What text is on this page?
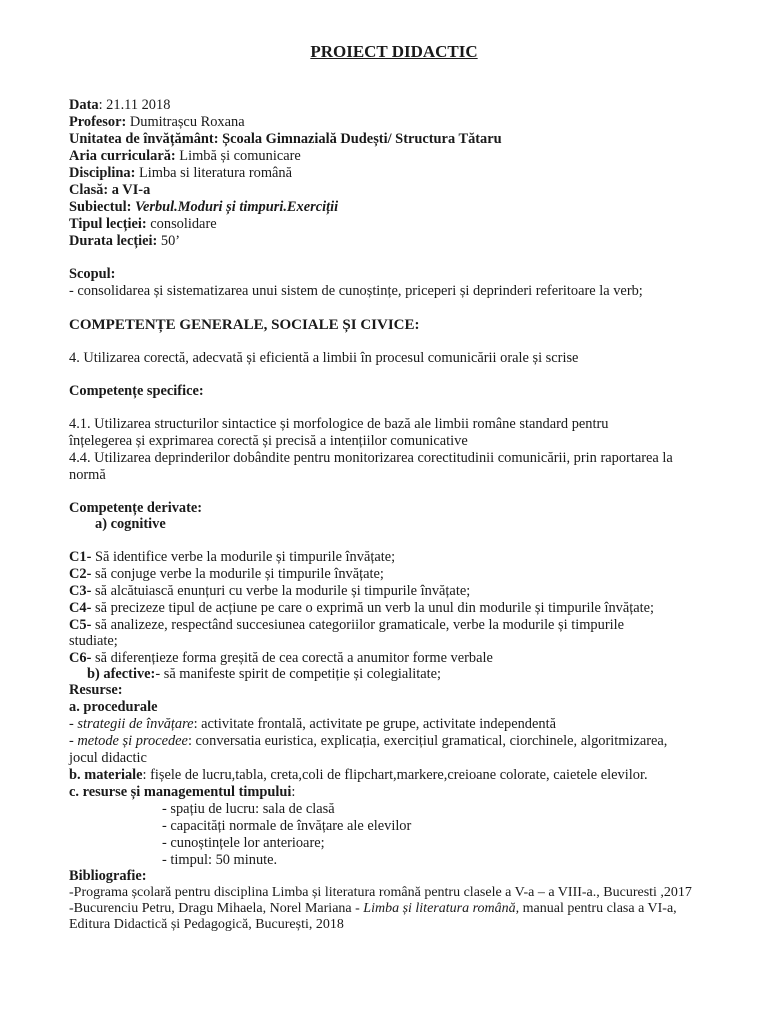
PROIECT DIDACTIC
Data: 21.11 2018
Profesor: Dumitrașcu Roxana
Unitatea de învățământ: Școala Gimnazială Dudești/ Structura Tătaru
Aria curriculară: Limbă și comunicare
Disciplina: Limba si literatura română
Clasă: a VI-a
Subiectul: Verbul.Moduri și timpuri.Exerciții
Tipul lecției: consolidare
Durata lecției: 50’
Scopul:
- consolidarea și sistematizarea unui sistem de cunoștințe, priceperi și deprinderi referitoare la verb;
COMPETENȚE GENERALE, SOCIALE ȘI CIVICE:
4. Utilizarea corectă, adecvată și eficientă a limbii în procesul comunicării orale și scrise
Competențe specifice:
4.1. Utilizarea structurilor sintactice și morfologice de bază ale limbii române standard pentru
înțelegerea și exprimarea corectă și precisă a intențiilor comunicative
4.4. Utilizarea deprinderilor dobândite pentru monitorizarea corectitudinii comunicării, prin raportarea la
normă
Competențe derivate:
a) cognitive
C1- Să identifice verbe la modurile și timpurile învățate;
C2- să conjuge verbe la modurile și timpurile învățate;
C3- să alcătuiască enunțuri cu verbe la modurile și timpurile învățate;
C4- să precizeze tipul de acțiune pe care o exprimă un verb la unul din modurile și timpurile învățate;
C5- să analizeze, respectând succesiunea categoriilor gramaticale, verbe la modurile și timpurile
studiate;
C6- să diferențieze forma greșită de cea corectă a anumitor forme verbale
b) afective:- să manifeste spirit de competiție și colegialitate;
Resurse:
a. procedurale
- strategii de învățare: activitate frontală, activitate pe grupe, activitate independentă
- metode și procedee: conversatia euristica, explicația, exercițiul gramatical, ciorchinele, algoritmizarea,
jocul didactic
b. materiale: fișele de lucru,tabla, creta,coli de flipchart,markere,creioane colorate, caietele elevilor.
c. resurse și managementul timpului:
- spațiu de lucru: sala de clasă
- capacități normale de învățare ale elevilor
- cunoștințele lor anterioare;
- timpul: 50 minute.
Bibliografie:
-Programa școlară pentru disciplina Limba și literatura română pentru clasele a V-a – a VIII-a., Bucuresti ,2017
-Bucurenciu Petru, Dragu Mihaela, Norel Mariana - Limba și literatura română, manual pentru clasa a VI-a,
Editura Didactică și Pedagogică, București, 2018
